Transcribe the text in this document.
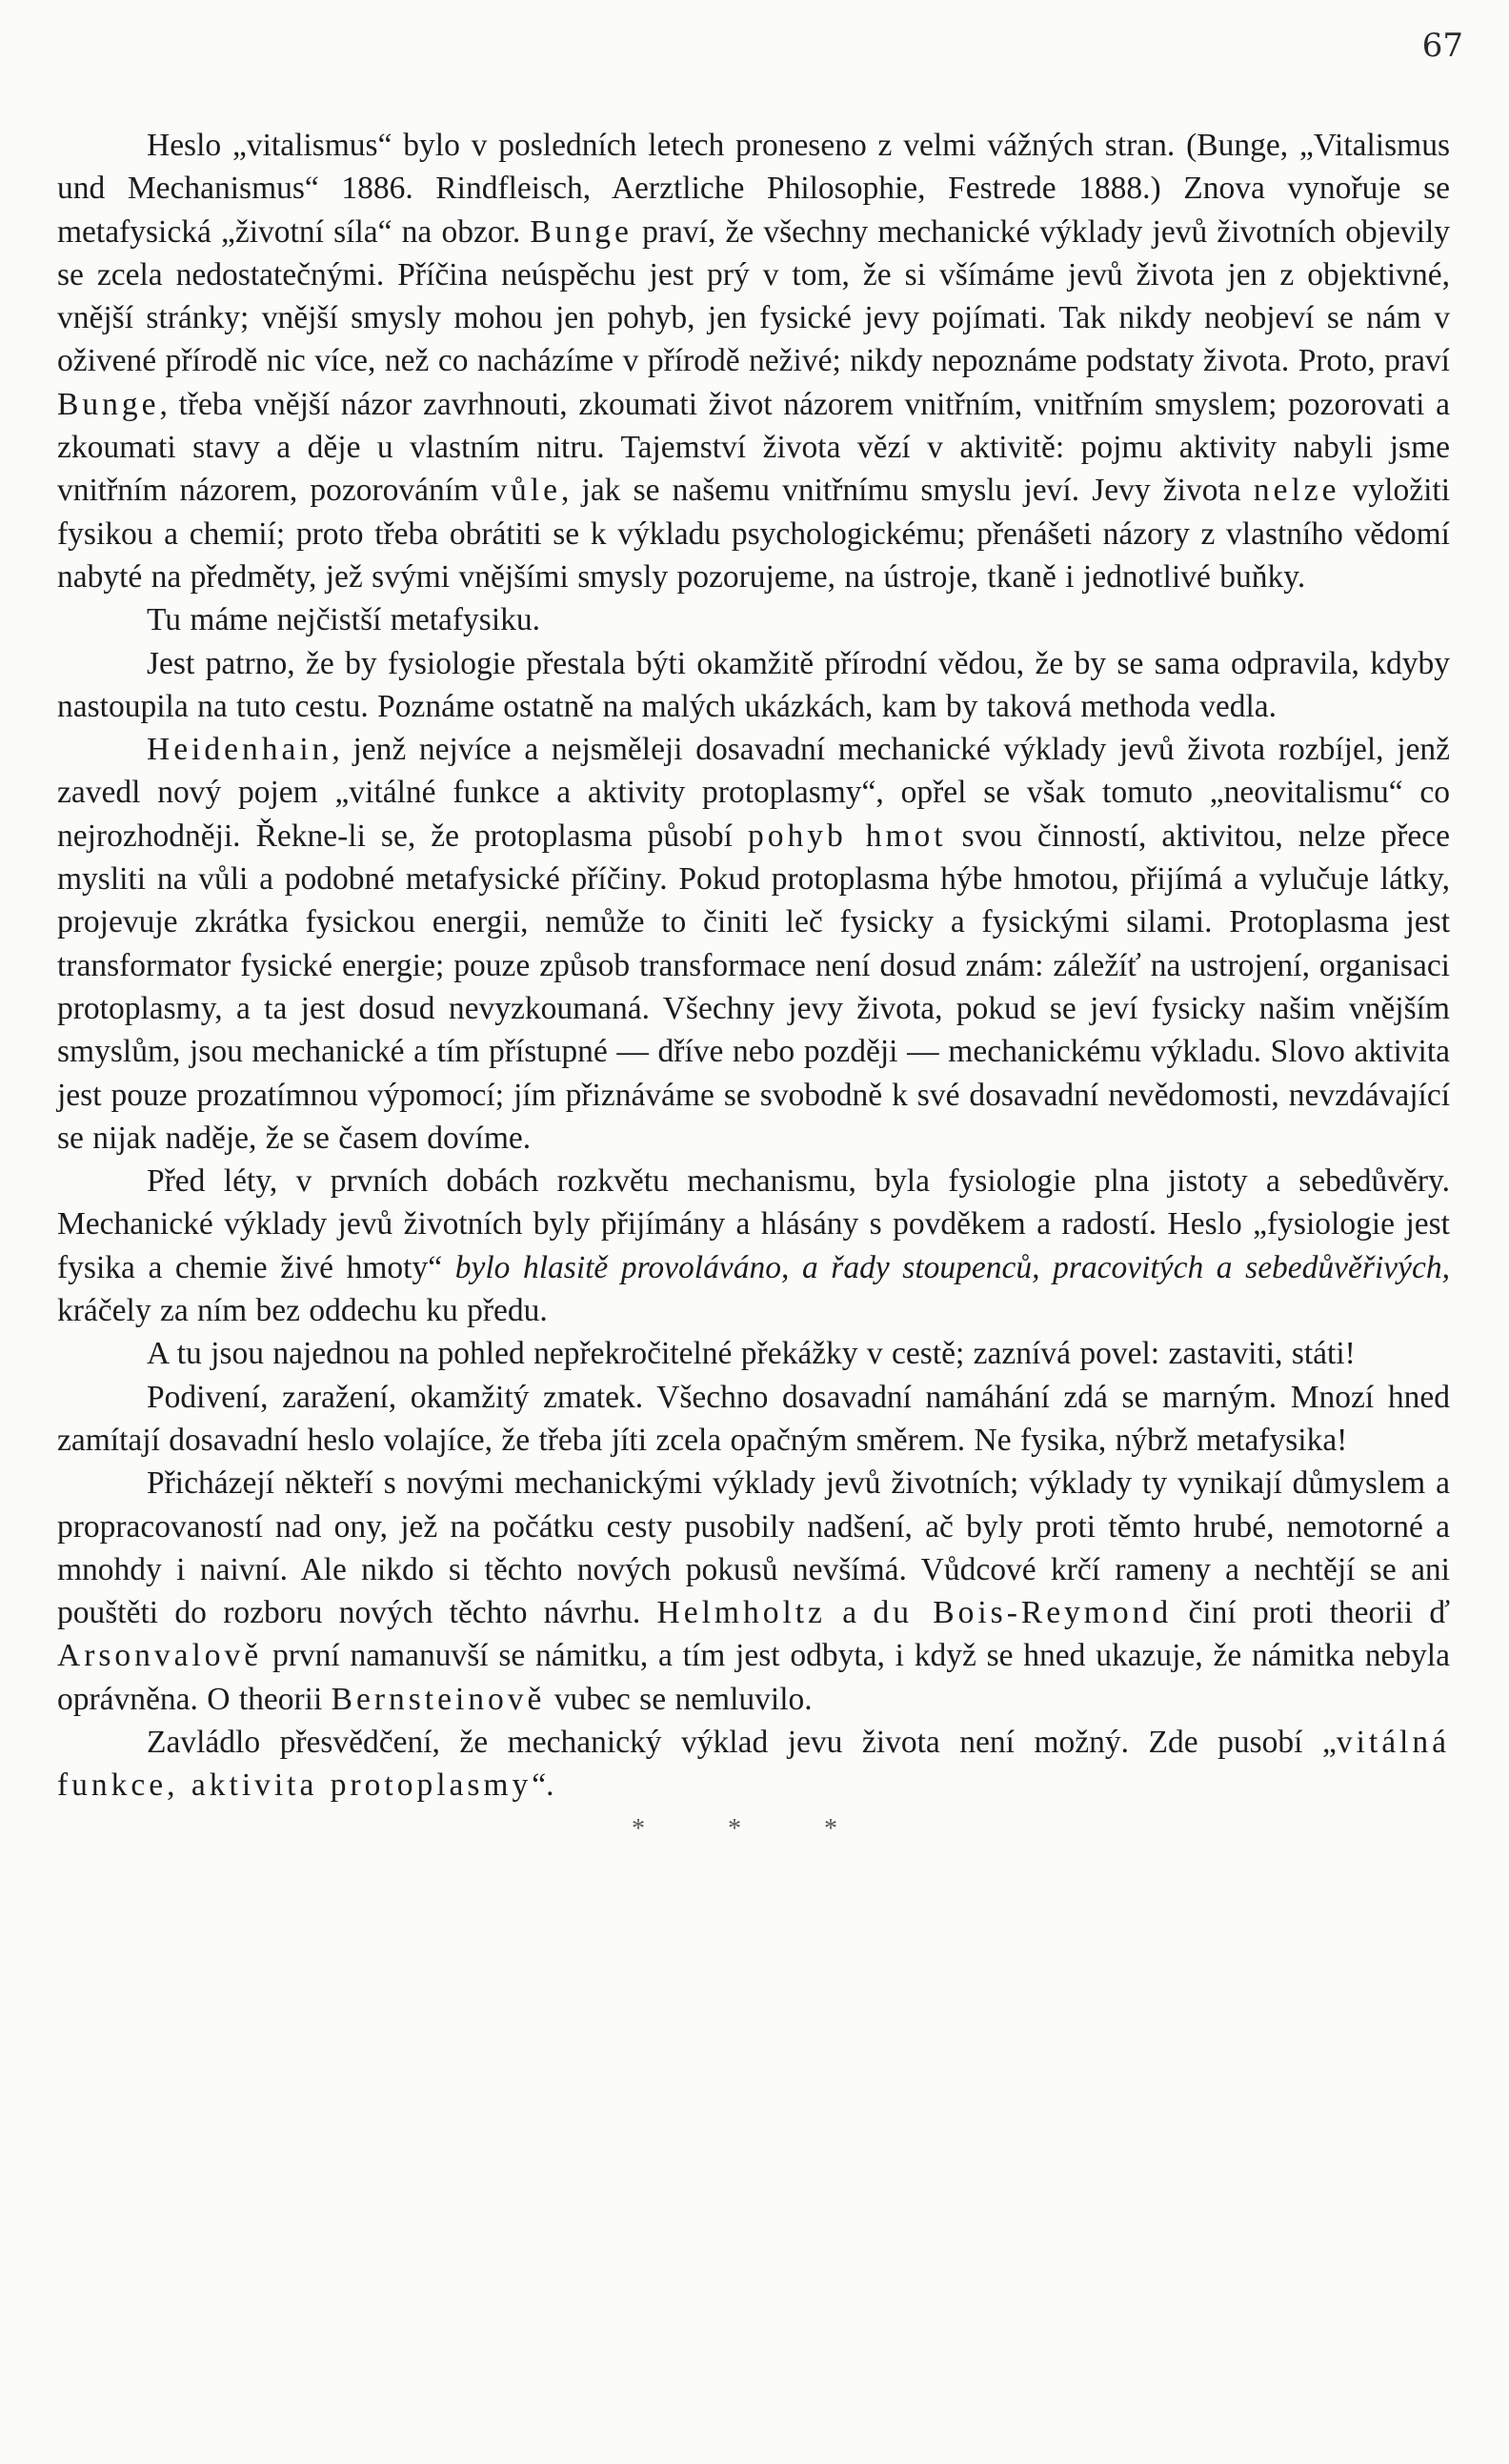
67

Heslo „vitalismus“ bylo v posledních letech proneseno z velmi vážných stran. (Bunge, „Vitalismus und Mechanismus“ 1886. Rindfleisch, Aerztliche Philosophie, Festrede 1888.) Znova vynořuje se metafysická „životní síla“ na obzor. Bunge praví, že všechny mechanické výklady jevů životních objevily se zcela nedostatečnými. Příčina neúspěchu jest prý v tom, že si všímáme jevů života jen z objektivné, vnější stránky; vnější smysly mohou jen pohyb, jen fysické jevy pojímati. Tak nikdy neobjeví se nám v oživené přírodě nic více, než co nacházíme v přírodě neživé; nikdy nepoznáme podstaty života. Proto, praví Bunge, třeba vnější názor zavrhnouti, zkoumati život názorem vnitřním, vnitřním smyslem; pozorovati a zkoumati stavy a děje u vlastním nitru. Tajemství života vězí v aktivitě: pojmu aktivity nabyli jsme vnitřním názorem, pozorováním vůle, jak se našemu vnitřnímu smyslu jeví. Jevy života nelze vyložiti fysikou a chemií; proto třeba obrátiti se k výkladu psychologickému; přenášeti názory z vlastního vědomí nabyté na předměty, jež svými vnějšími smysly pozorujeme, na ústroje, tkaně i jednotlivé buňky.

Tu máme nejčistší metafysiku.

Jest patrno, že by fysiologie přestala býti okamžitě přírodní vědou, že by se sama odpravila, kdyby nastoupila na tuto cestu. Poznáme ostatně na malých ukázkách, kam by taková methoda vedla.

Heidenhain, jenž nejvíce a nejsměleji dosavadní mechanické výklady jevů života rozbíjel, jenž zavedl nový pojem „vitálné funkce a aktivity protoplasmy“, opřel se však tomuto „neovitalismu“ co nejrozhodněji. Řekne-li se, že protoplasma působí pohyb hmot svou činností, aktivitou, nelze přece mysliti na vůli a podobné metafysické příčiny. Pokud protoplasma hýbe hmotou, přijímá a vylučuje látky, projevuje zkrátka fysickou energii, nemůže to činiti leč fysicky a fysickými silami. Protoplasma jest transformator fysické energie; pouze způsob transformace není dosud znám: záležíť na ustrojení, organisaci protoplasmy, a ta jest dosud nevyzkoumaná. Všechny jevy života, pokud se jeví fysicky našim vnějším smyslům, jsou mechanické a tím přístupné — dříve nebo později — mechanickému výkladu. Slovo aktivita jest pouze prozatímnou výpomocí; jím přiznáváme se svobodně k své dosavadní nevědomosti, nevzdávající se nijak naděje, že se časem dovíme.

Před léty, v prvních dobách rozkvětu mechanismu, byla fysiologie plna jistoty a sebedůvěry. Mechanické výklady jevů životních byly přijímány a hlásány s povděkem a radostí. Heslo „fysiologie jest fysika a chemie živé hmoty“ bylo hlasitě provoláváno, a řady stoupenců, pracovitých a sebedůvěřivých, kráčely za ním bez oddechu ku předu.

A tu jsou najednou na pohled nepřekročitelné překážky v cestě; zaznívá povel: zastaviti, státi!

Podivení, zaražení, okamžitý zmatek. Všechno dosavadní namáhání zdá se marným. Mnozí hned zamítají dosavadní heslo volajíce, že třeba jíti zcela opačným směrem. Ne fysika, nýbrž metafysika!

Přicházejí někteří s novými mechanickými výklady jevů životních; výklady ty vynikají důmyslem a propracovaností nad ony, jež na počátku cesty pusobily nadšení, ač byly proti těmto hrubé, nemotorné a mnohdy i naivní. Ale nikdo si těchto nových pokusů nevšímá. Vůdcové krčí rameny a nechtějí se ani pouštěti do rozboru nových těchto návrhu. Helmholtz a du Bois-Reymond činí proti theorii ď Arsonvalově první namanuvší se námitku, a tím jest odbyta, i když se hned ukazuje, že námitka nebyla oprávněna. O theorii Bernsteinově vubec se nemluvilo.

Zavládlo přesvědčení, že mechanický výklad jevu života není možný. Zde pusobí „vitálná funkce, aktivita protoplasmy“.

* * *
